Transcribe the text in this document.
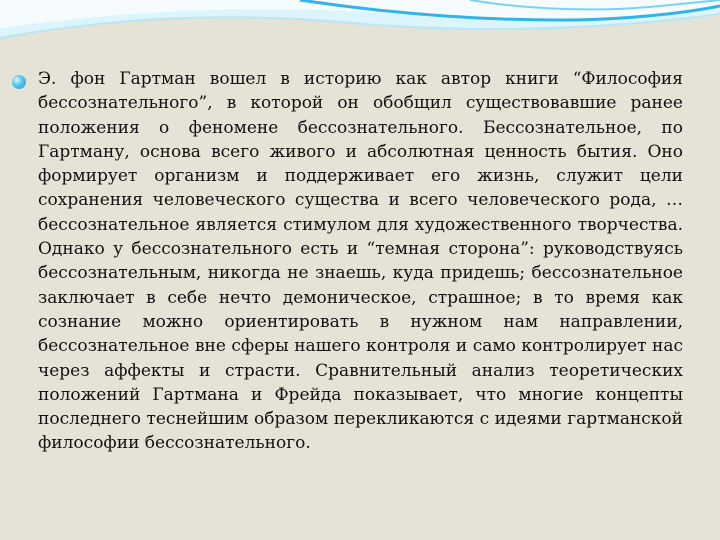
Э. фон Гартман вошел в историю как автор книги “Философия бессознательного”, в которой он обобщил существовавшие ранее положения о феномене бессознательного. Бессознательное, по Гартману, основа всего живого и абсолютная ценность бытия. Оно формирует организм и поддерживает его жизнь, служит цели сохранения человеческого существа и всего человеческого рода, … бессознательное является стимулом для художественного творчества. Однако у бессознательного есть и “темная сторона”: руководствуясь бессознательным, никогда не знаешь, куда придешь; бессознательное заключает в себе нечто демоническое, страшное; в то время как сознание можно ориентировать в нужном нам направлении, бессознательное вне сферы нашего контроля и само контролирует нас через аффекты и страсти. Сравнительный анализ теоретических положений Гартмана и Фрейда показывает, что многие концепты последнего теснейшим образом перекликаются с идеями гартманской философии бессознательного.
